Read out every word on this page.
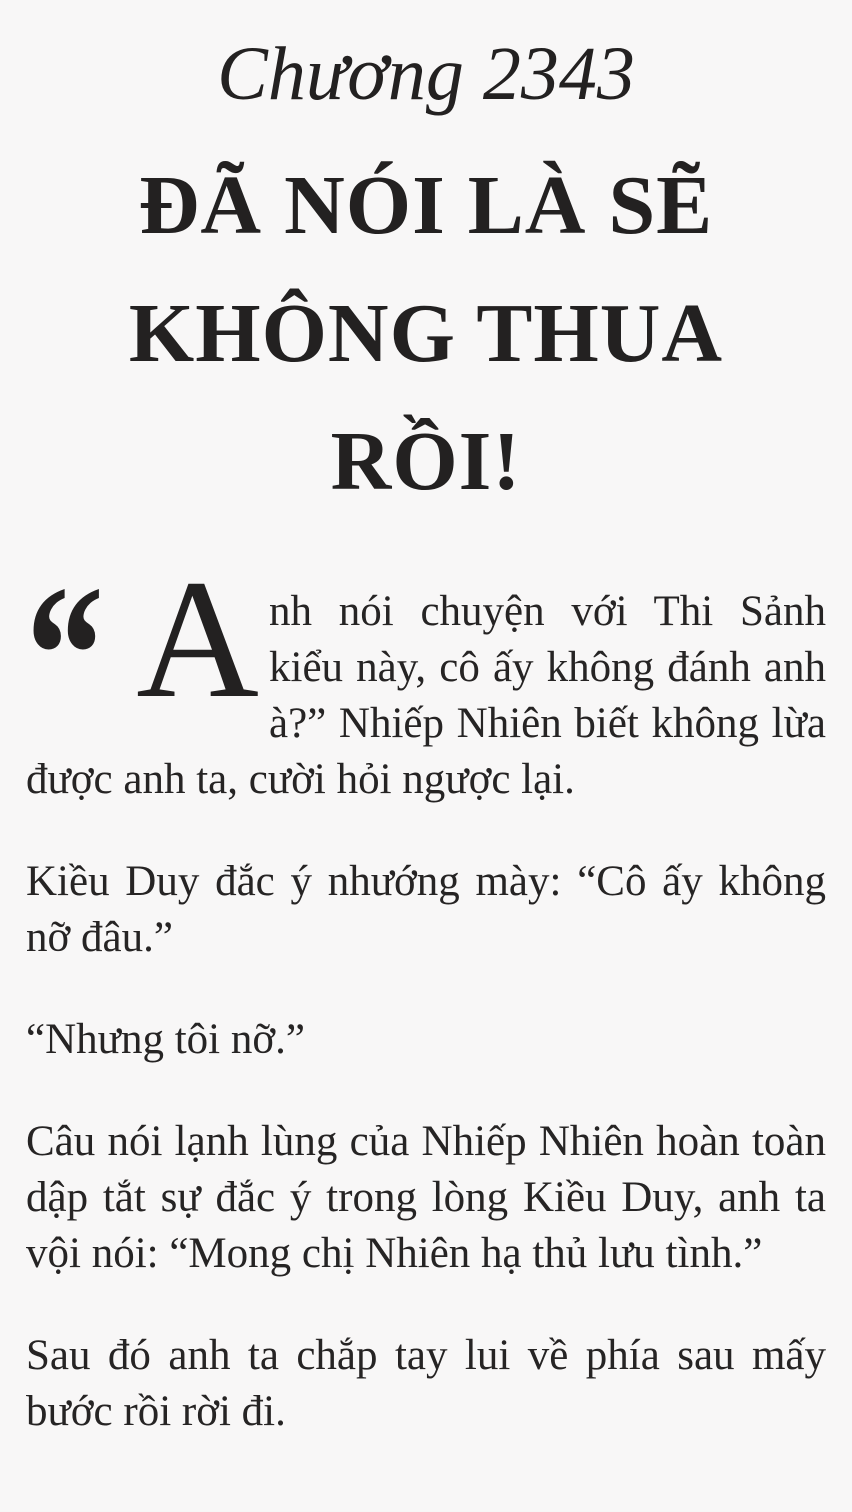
Chương 2343
ĐÃ NÓI LÀ SẼ
KHÔNG THUA
RỒI!

“ A nh nói chuyện với Thi Sảnh kiểu này, cô ấy không đánh anh à?” Nhiếp Nhiên biết không lừa được anh ta, cười hỏi ngược lại.

Kiều Duy đắc ý nhướng mày: “Cô ấy không nỡ đâu.”

“Nhưng tôi nỡ.”

Câu nói lạnh lùng của Nhiếp Nhiên hoàn toàn dập tắt sự đắc ý trong lòng Kiều Duy, anh ta vội nói: “Mong chị Nhiên hạ thủ lưu tình.”

Sau đó anh ta chắp tay lui về phía sau mấy bước rồi rời đi.
